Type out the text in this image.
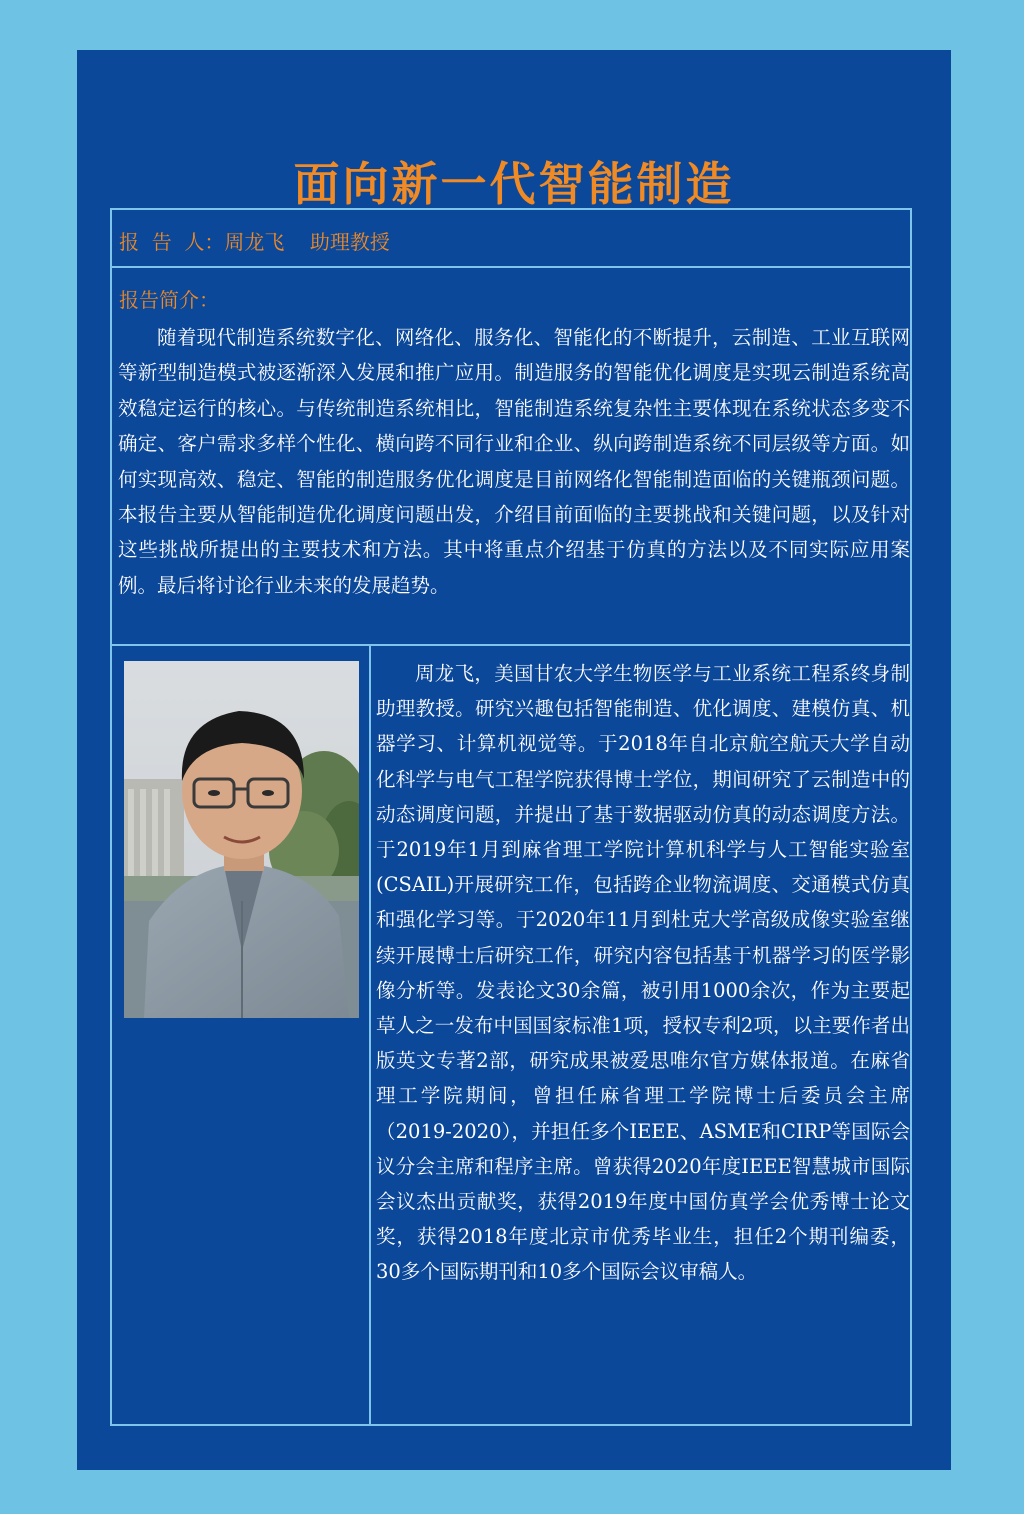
面向新一代智能制造
报  告  人：周龙飞    助理教授
报告简介：

随着现代制造系统数字化、网络化、服务化、智能化的不断提升，云制造、工业互联网等新型制造模式被逐渐深入发展和推广应用。制造服务的智能优化调度是实现云制造系统高效稳定运行的核心。与传统制造系统相比，智能制造系统复杂性主要体现在系统状态多变不确定、客户需求多样个性化、横向跨不同行业和企业、纵向跨制造系统不同层级等方面。如何实现高效、稳定、智能的制造服务优化调度是目前网络化智能制造面临的关键瓶颈问题。本报告主要从智能制造优化调度问题出发，介绍目前面临的主要挑战和关键问题，以及针对这些挑战所提出的主要技术和方法。其中将重点介绍基于仿真的方法以及不同实际应用案例。最后将讨论行业未来的发展趋势。

周龙飞，美国甘农大学生物医学与工业系统工程系终身制助理教授。研究兴趣包括智能制造、优化调度、建模仿真、机器学习、计算机视觉等。于2018年自北京航空航天大学自动化科学与电气工程学院获得博士学位，期间研究了云制造中的动态调度问题，并提出了基于数据驱动仿真的动态调度方法。于2019年1月到麻省理工学院计算机科学与人工智能实验室(CSAIL)开展研究工作，包括跨企业物流调度、交通模式仿真和强化学习等。于2020年11月到杜克大学高级成像实验室继续开展博士后研究工作，研究内容包括基于机器学习的医学影像分析等。发表论文30余篇，被引用1000余次，作为主要起草人之一发布中国国家标准1项，授权专利2项，以主要作者出版英文专著2部，研究成果被爱思唯尔官方媒体报道。在麻省理工学院期间，曾担任麻省理工学院博士后委员会主席（2019-2020），并担任多个IEEE、ASME和CIRP等国际会议分会主席和程序主席。曾获得2020年度IEEE智慧城市国际会议杰出贡献奖，获得2019年度中国仿真学会优秀博士论文奖，获得2018年度北京市优秀毕业生，担任2个期刊编委，30多个国际期刊和10多个国际会议审稿人。
